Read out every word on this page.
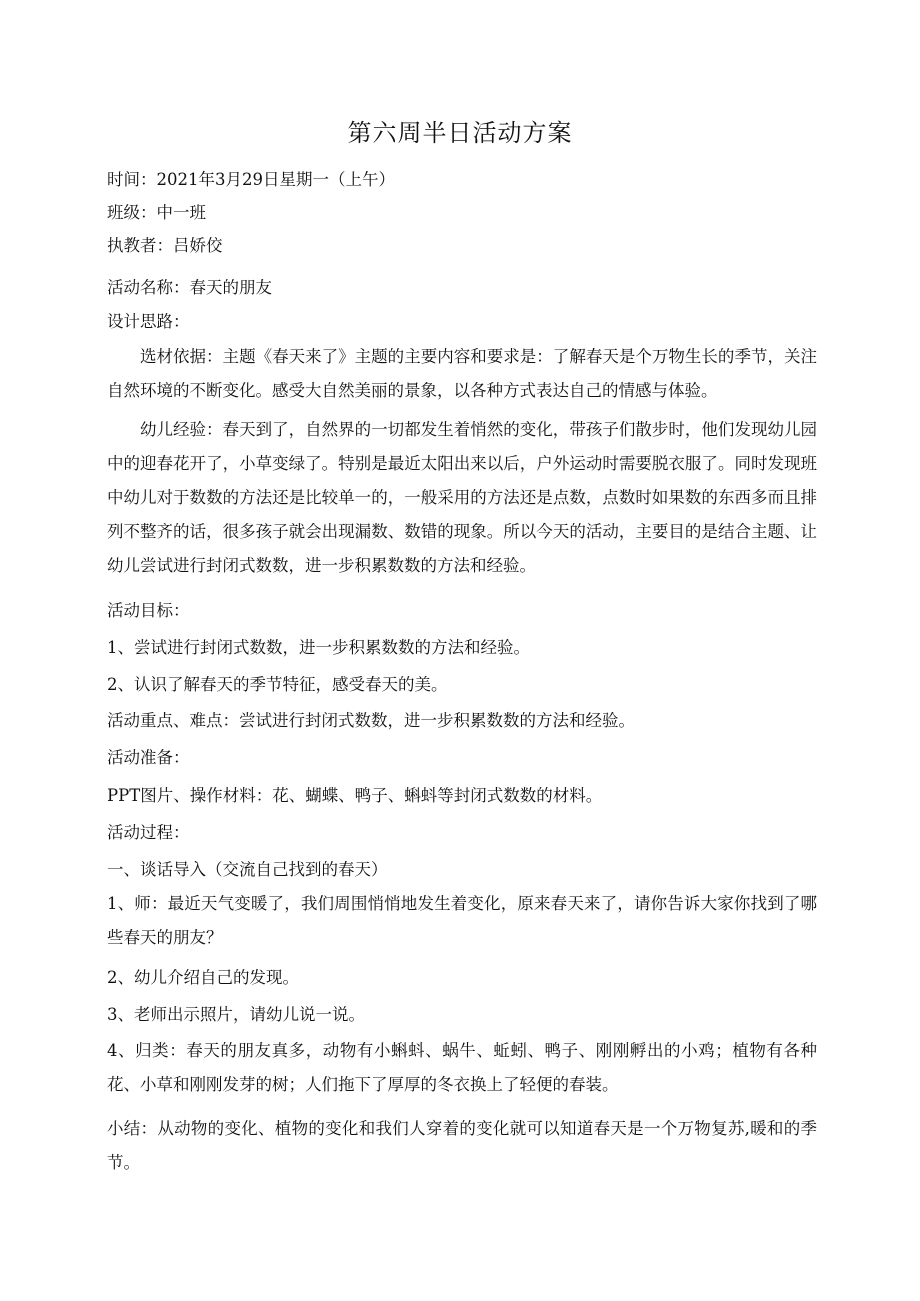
第六周半日活动方案
时间：2021年3月29日星期一（上午）
班级：中一班
执教者：吕娇佼
活动名称：春天的朋友
设计思路：
选材依据：主题《春天来了》主题的主要内容和要求是：了解春天是个万物生长的季节，关注自然环境的不断变化。感受大自然美丽的景象，以各种方式表达自己的情感与体验。
幼儿经验：春天到了，自然界的一切都发生着悄然的变化，带孩子们散步时，他们发现幼儿园中的迎春花开了，小草变绿了。特别是最近太阳出来以后，户外运动时需要脱衣服了。同时发现班中幼儿对于数数的方法还是比较单一的，一般采用的方法还是点数，点数时如果数的东西多而且排列不整齐的话，很多孩子就会出现漏数、数错的现象。所以今天的活动，主要目的是结合主题、让幼儿尝试进行封闭式数数，进一步积累数数的方法和经验。
活动目标：
1、尝试进行封闭式数数，进一步积累数数的方法和经验。
2、认识了解春天的季节特征，感受春天的美。
活动重点、难点：尝试进行封闭式数数，进一步积累数数的方法和经验。
活动准备：
PPT图片、操作材料：花、蝴蝶、鸭子、蝌蚪等封闭式数数的材料。
活动过程：
一、谈话导入（交流自己找到的春天）
1、师：最近天气变暖了，我们周围悄悄地发生着变化，原来春天来了，请你告诉大家你找到了哪些春天的朋友？
2、幼儿介绍自己的发现。
3、老师出示照片，请幼儿说一说。
4、归类：春天的朋友真多，动物有小蝌蚪、蜗牛、蚯蚓、鸭子、刚刚孵出的小鸡；植物有各种花、小草和刚刚发芽的树；人们拖下了厚厚的冬衣换上了轻便的春装。
小结：从动物的变化、植物的变化和我们人穿着的变化就可以知道春天是一个万物复苏,暖和的季节。
